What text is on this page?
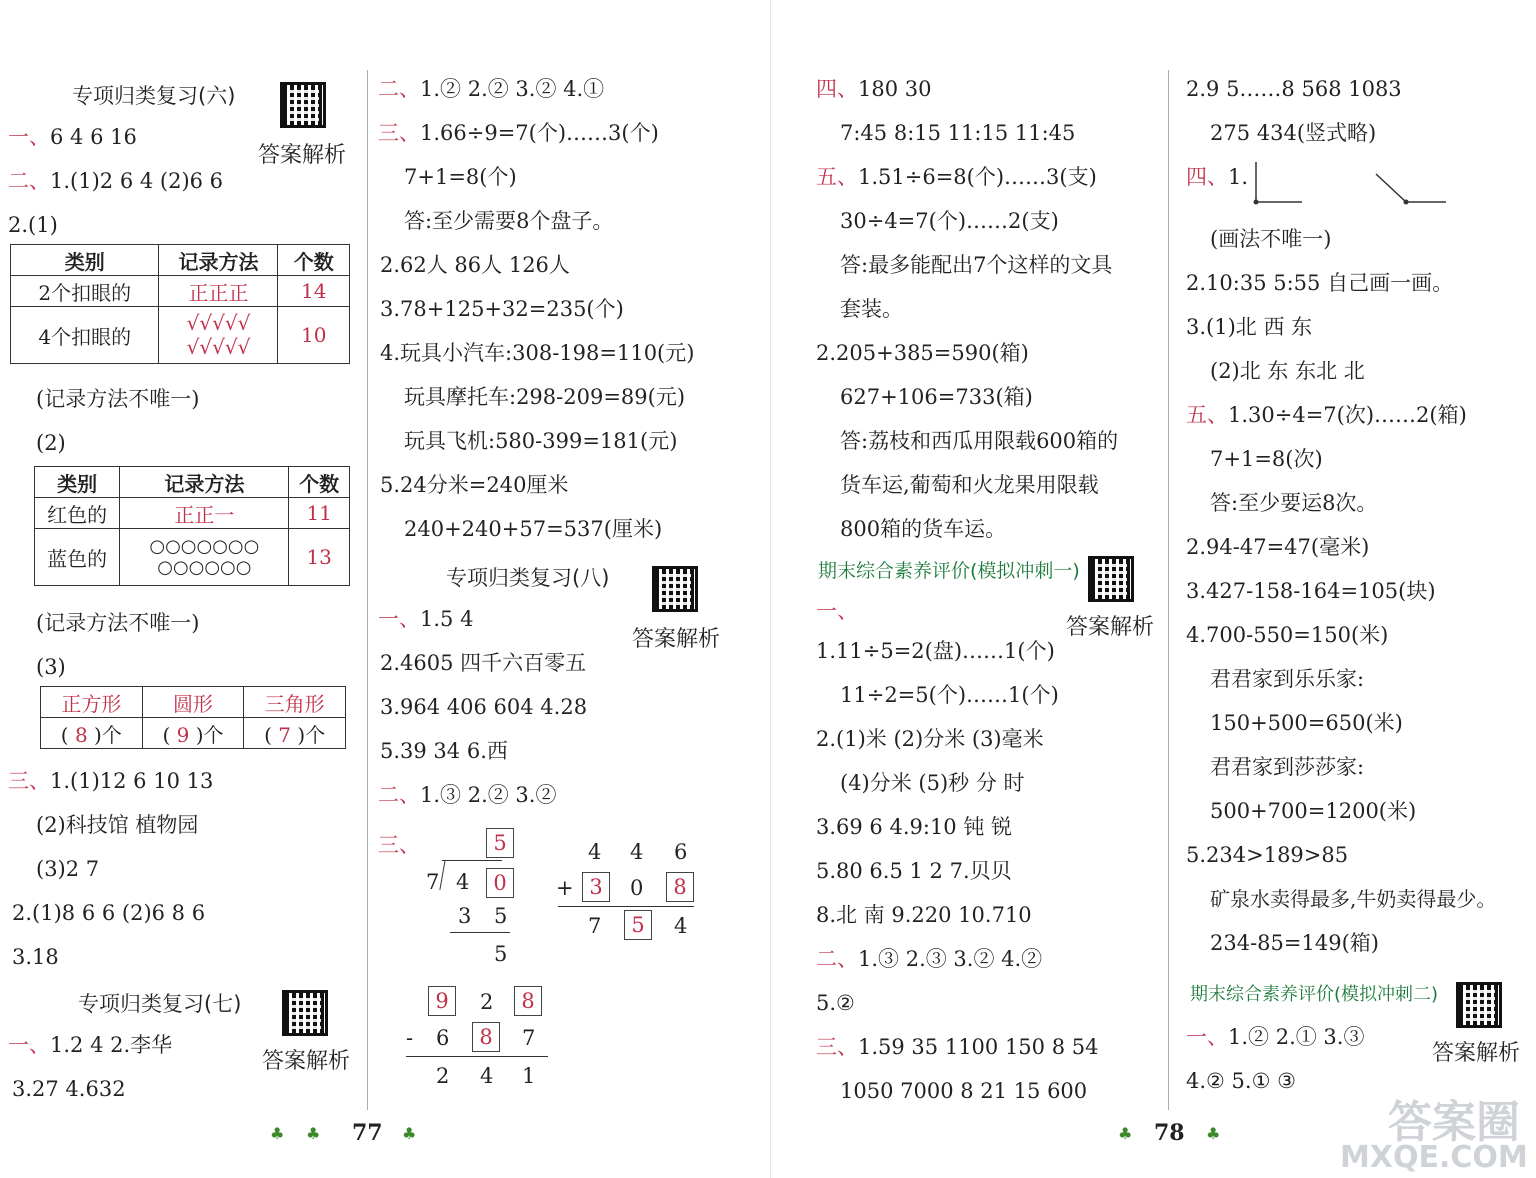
专项归类复习(六)
答案解析
一、6 4 6 16
二、1.(1)2 6 4 (2)6 6
2.(1)
类别	记录方法	个数
2个扣眼的	正正正	14
4个扣眼的	√√√√√ √√√√√	10
(记录方法不唯一)
(2)
类别	记录方法	个数
红色的	正正一	11
蓝色的	○○○○○○○ ○○○○○○	13
(记录方法不唯一)
(3)
正方形	圆形	三角形
( 8 )个	( 9 )个	( 7 )个
三、1.(1)12 6 10 13
(2)科技馆 植物园
(3)2 7
2.(1)8 6 6 (2)6 8 6
3.18
专项归类复习(七)
答案解析
一、1.2 4 2.李华
3.27 4.632
二、1.② 2.② 3.② 4.①
三、1.66÷9=7(个)……3(个)
7+1=8(个)
答:至少需要8个盘子。
2.62人 86人 126人
3.78+125+32=235(个)
4.玩具小汽车:308-198=110(元)
玩具摩托车:298-209=89(元)
玩具飞机:580-399=181(元)
5.24分米=240厘米
240+240+57=537(厘米)
专项归类复习(八)
答案解析
一、1.5 4
2.4605 四千六百零五
3.964 406 604 4.28
5.39 34 6.西
二、1.③ 2.② 3.②
三、	5
7 4	0
3 5
5
4 4 6
+ 3	0	8
7	5	4
9	2	8
- 6	8	7
2 4 1
四、180 30
7:45 8:15 11:15 11:45
五、1.51÷6=8(个)……3(支)
30÷4=7(个)……2(支)
答:最多能配出7个这样的文具
套装。
2.205+385=590(箱)
627+106=733(箱)
答:荔枝和西瓜用限载600箱的
货车运,葡萄和火龙果用限载
800箱的货车运。
期末综合素养评价(模拟冲刺一)
答案解析
一、
1.11÷5=2(盘)……1(个)
11÷2=5(个)……1(个)
2.(1)米 (2)分米 (3)毫米
(4)分米 (5)秒 分 时
3.69 6 4.9:10 钝 锐
5.80 6.5 1 2 7.贝贝
8.北 南 9.220 10.710
二、1.③ 2.③ 3.② 4.②
5.②
三、1.59 35 1100 150 8 54
1050 7000 8 21 15 600
2.9 5……8 568 1083
275 434(竖式略)
四、1.
(画法不唯一)
2.10:35 5:55 自己画一画。
3.(1)北 西 东
(2)北 东 东北 北
五、1.30÷4=7(次)……2(箱)
7+1=8(次)
答:至少要运8次。
2.94-47=47(毫米)
3.427-158-164=105(块)
4.700-550=150(米)
君君家到乐乐家:
150+500=650(米)
君君家到莎莎家:
500+700=1200(米)
5.234>189>85
矿泉水卖得最多,牛奶卖得最少。
234-85=149(箱)
期末综合素养评价(模拟冲刺二)
答案解析
一、1.② 2.① 3.③
4.② 5.① ③
♣ ♣ 77 ♣	♣ 78 ♣	答案圈
MXQE.COM
